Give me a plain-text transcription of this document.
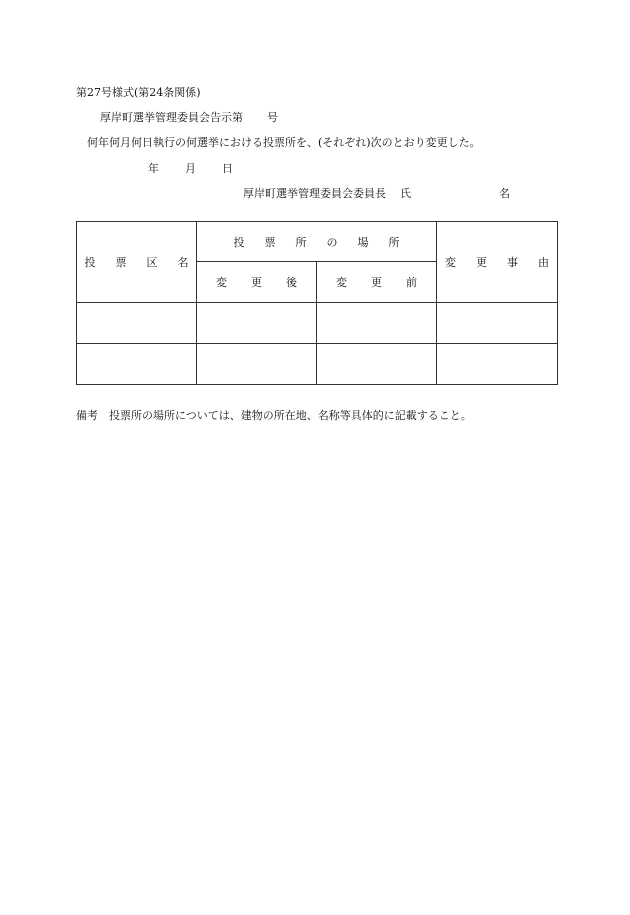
第27号様式(第24条関係)
厚岸町選挙管理委員会告示第 号
何年何月何日執行の何選挙における投票所を、(それぞれ)次のとおり変更した。
年 月 日
厚岸町選挙管理委員会委員長 氏	名
投 票 区 名	投 票 所 の 場 所		変 更 事 由
	変 更 後	変 更 前	

備考　投票所の場所については、建物の所在地、名称等具体的に記載すること。
